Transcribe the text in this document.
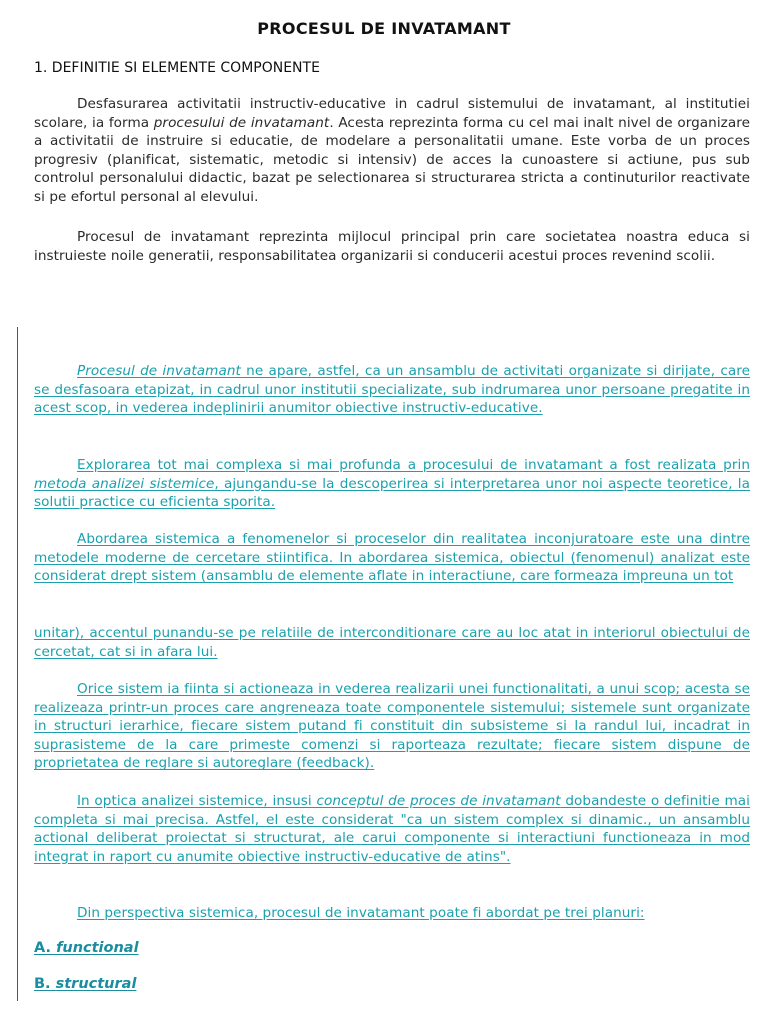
PROCESUL DE INVATAMANT
1. DEFINITIE SI ELEMENTE COMPONENTE

Desfasurarea activitatii instructiv-educative in cadrul sistemului de invatamant, al institutiei scolare, ia forma procesului de invatamant. Acesta reprezinta forma cu cel mai inalt nivel de organizare a activitatii de instruire si educatie, de modelare a personalitatii umane. Este vorba de un proces progresiv (planificat, sistematic, metodic si intensiv) de acces la cunoastere si actiune, pus sub controlul personalului didactic, bazat pe selectionarea si structurarea stricta a continuturilor reactivate si pe efortul personal al elevului.

Procesul de invatamant reprezinta mijlocul principal prin care societatea noastra educa si instruieste noile generatii, responsabilitatea organizarii si conducerii acestui proces revenind scolii.

Procesul de invatamant ne apare, astfel, ca un ansamblu de activitati organizate si dirijate, care se desfasoara etapizat, in cadrul unor institutii specializate, sub indrumarea unor persoane pregatite in acest scop, in vederea indeplinirii anumitor obiective instructiv-educative.

Explorarea tot mai complexa si mai profunda a procesului de invatamant a fost realizata prin metoda analizei sistemice, ajungandu-se la descoperirea si interpretarea unor noi aspecte teoretice, la solutii practice cu eficienta sporita.

Abordarea sistemica a fenomenelor si proceselor din realitatea inconjuratoare este una dintre metodele moderne de cercetare stiintifica. In abordarea sistemica, obiectul (fenomenul) analizat este considerat drept sistem (ansamblu de elemente aflate in interactiune, care formeaza impreuna un tot

unitar), accentul punandu-se pe relatiile de interconditionare care au loc atat in interiorul obiectului de cercetat, cat si in afara lui.

Orice sistem ia fiinta si actioneaza in vederea realizarii unei functionalitati, a unui scop; acesta se realizeaza printr-un proces care angreneaza toate componentele sistemului; sistemele sunt organizate in structuri ierarhice, fiecare sistem putand fi constituit din subsisteme si la randul lui, incadrat in suprasisteme de la care primeste comenzi si raporteaza rezultate; fiecare sistem dispune de proprietatea de reglare si autoreglare (feedback).

In optica analizei sistemice, insusi conceptul de proces de invatamant dobandeste o definitie mai completa si mai precisa. Astfel, el este considerat "ca un sistem complex si dinamic., un ansamblu actional deliberat proiectat si structurat, ale carui componente si interactiuni functioneaza in mod integrat in raport cu anumite obiective instructiv-educative de atins".

Din perspectiva sistemica, procesul de invatamant poate fi abordat pe trei planuri:

A. functional

B. structural
